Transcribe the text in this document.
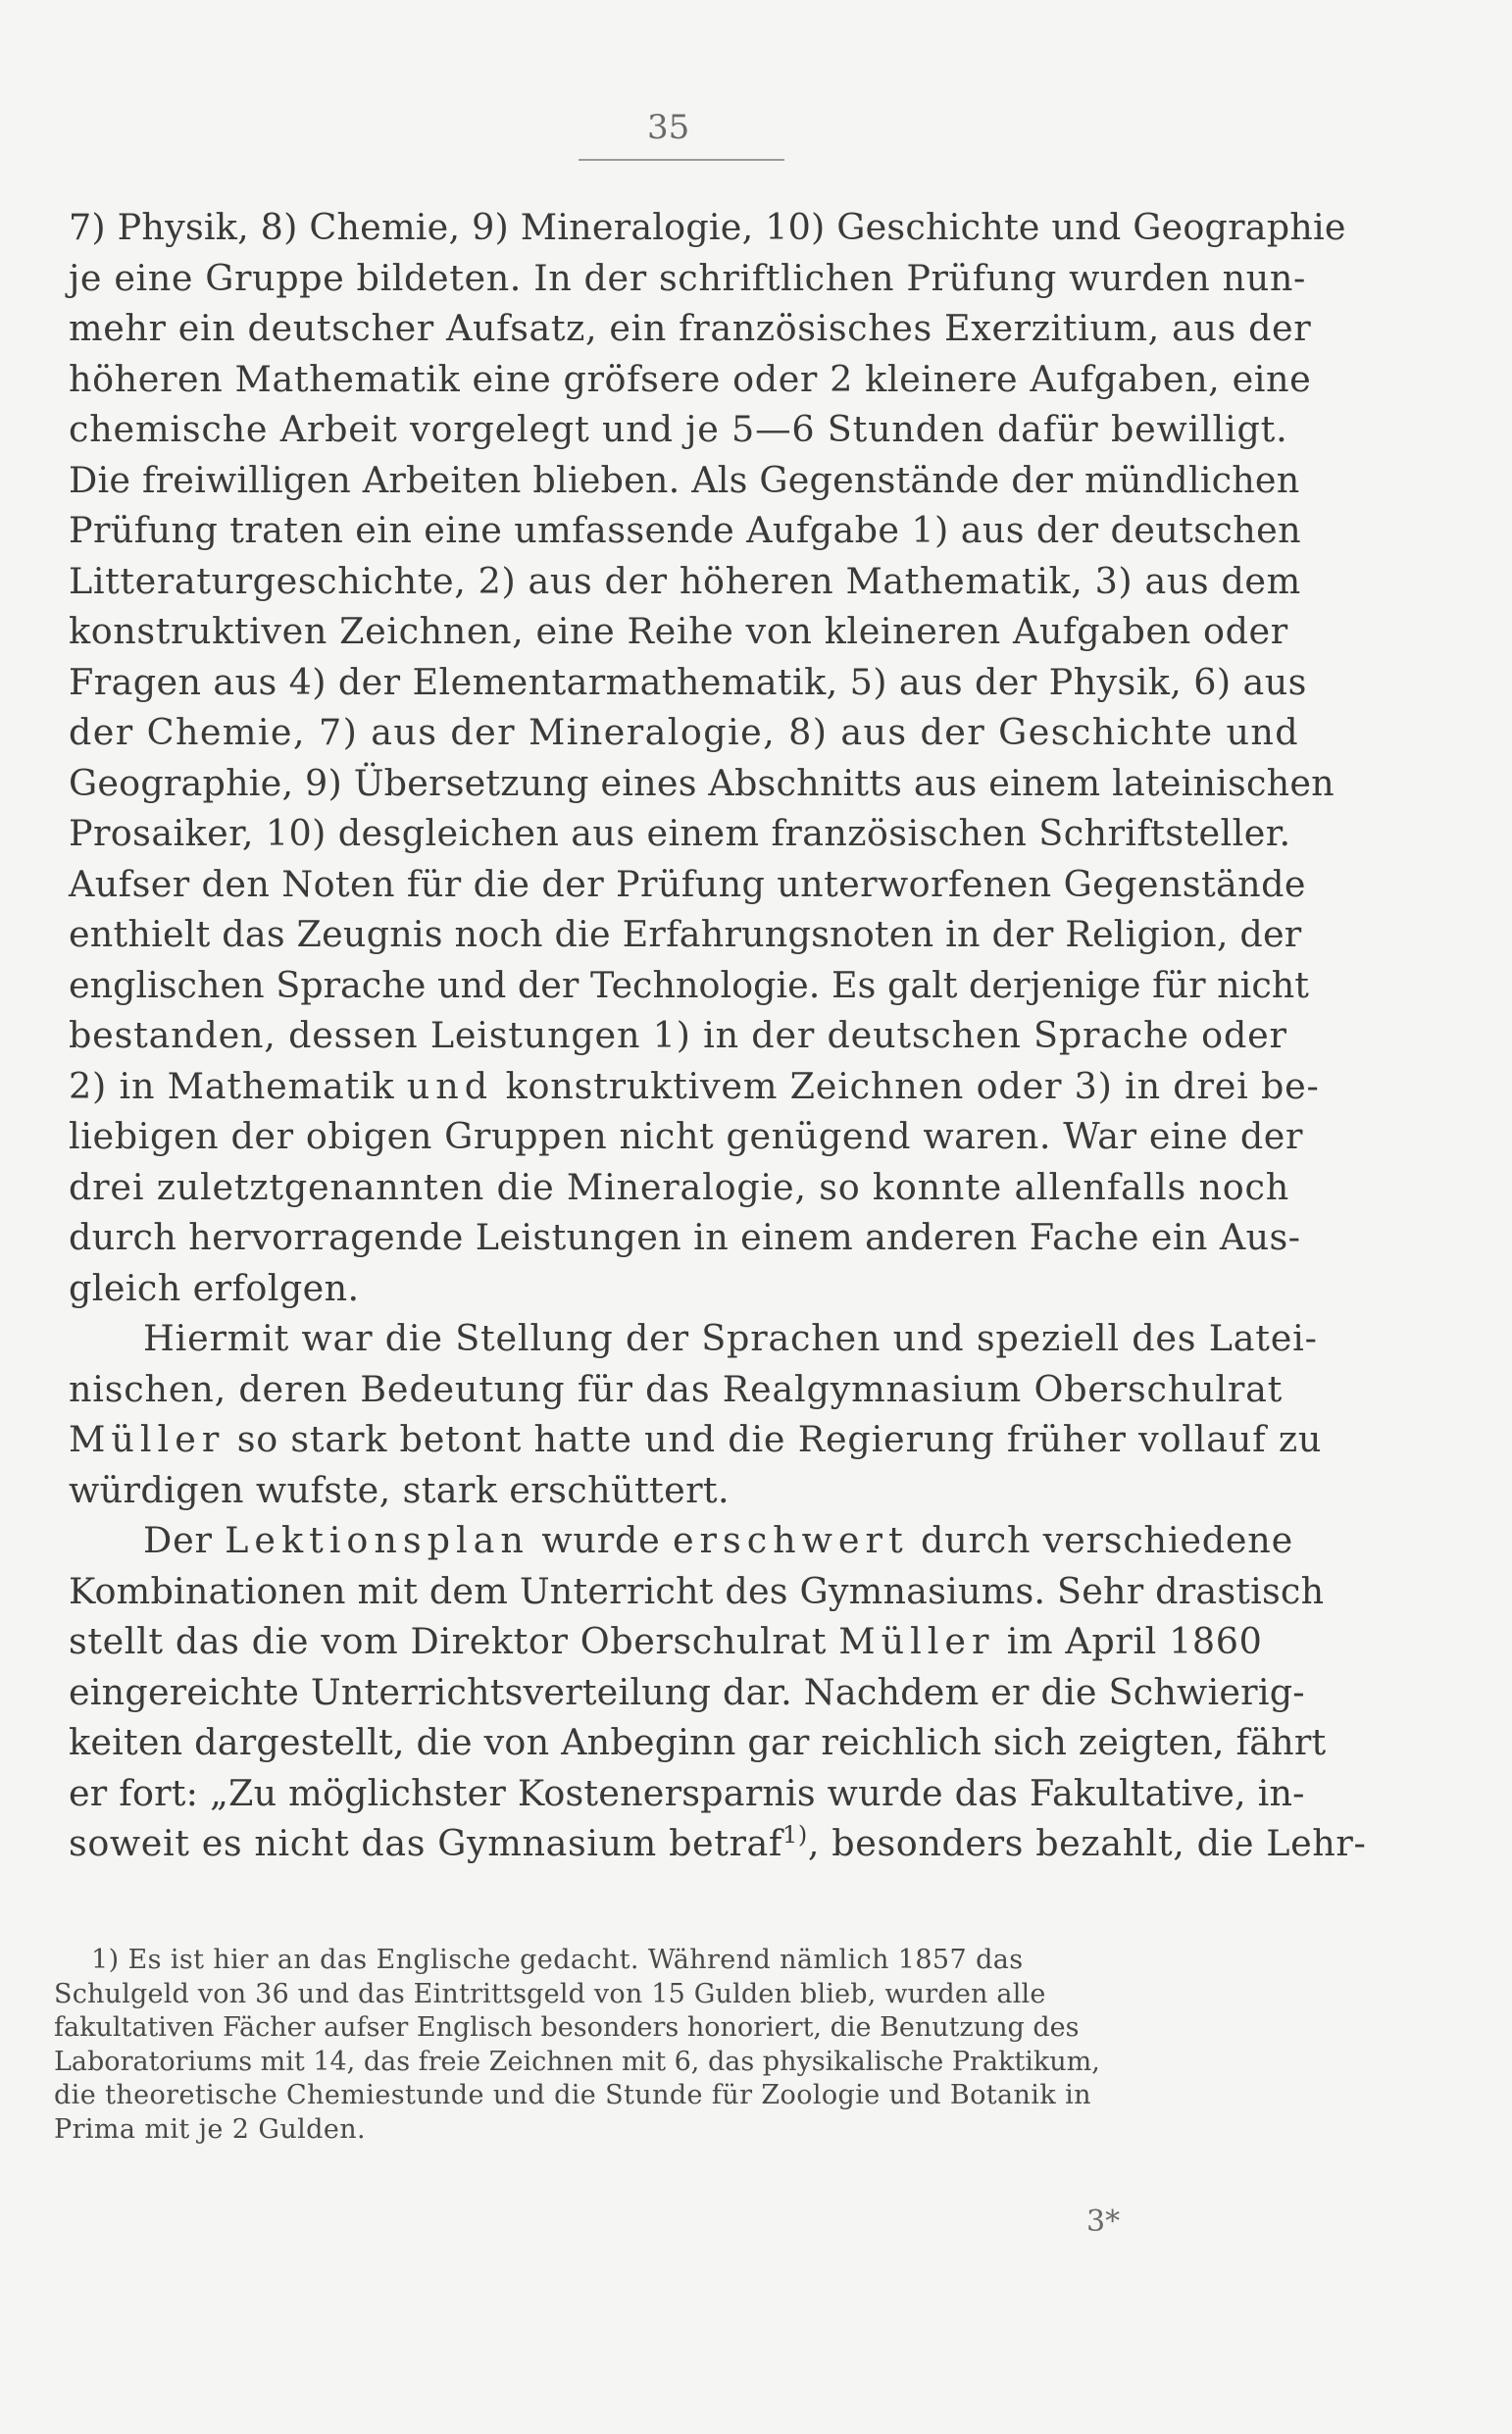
35
7) Physik, 8) Chemie, 9) Mineralogie, 10) Geschichte und Geographie
je eine Gruppe bildeten. In der schriftlichen Prüfung wurden nun-
mehr ein deutscher Aufsatz, ein französisches Exerzitium, aus der
höheren Mathematik eine gröfsere oder 2 kleinere Aufgaben, eine
chemische Arbeit vorgelegt und je 5—6 Stunden dafür bewilligt.
Die freiwilligen Arbeiten blieben. Als Gegenstände der mündlichen
Prüfung traten ein eine umfassende Aufgabe 1) aus der deutschen
Litteraturgeschichte, 2) aus der höheren Mathematik, 3) aus dem
konstruktiven Zeichnen, eine Reihe von kleineren Aufgaben oder
Fragen aus 4) der Elementarmathematik, 5) aus der Physik, 6) aus
der Chemie, 7) aus der Mineralogie, 8) aus der Geschichte und
Geographie, 9) Übersetzung eines Abschnitts aus einem lateinischen
Prosaiker, 10) desgleichen aus einem französischen Schriftsteller.
Aufser den Noten für die der Prüfung unterworfenen Gegenstände
enthielt das Zeugnis noch die Erfahrungsnoten in der Religion, der
englischen Sprache und der Technologie. Es galt derjenige für nicht
bestanden, dessen Leistungen 1) in der deutschen Sprache oder
2) in Mathematik und konstruktivem Zeichnen oder 3) in drei be-
liebigen der obigen Gruppen nicht genügend waren. War eine der
drei zuletztgenannten die Mineralogie, so konnte allenfalls noch
durch hervorragende Leistungen in einem anderen Fache ein Aus-
gleich erfolgen.
Hiermit war die Stellung der Sprachen und speziell des Latei-
nischen, deren Bedeutung für das Realgymnasium Oberschulrat
Müller so stark betont hatte und die Regierung früher vollauf zu
würdigen wufste, stark erschüttert.
Der Lektionsplan wurde erschwert durch verschiedene
Kombinationen mit dem Unterricht des Gymnasiums. Sehr drastisch
stellt das die vom Direktor Oberschulrat Müller im April 1860
eingereichte Unterrichtsverteilung dar. Nachdem er die Schwierig-
keiten dargestellt, die von Anbeginn gar reichlich sich zeigten, fährt
er fort: „Zu möglichster Kostenersparnis wurde das Fakultative, in-
soweit es nicht das Gymnasium betraf$^{1)}$, besonders bezahlt, die Lehr-
1) Es ist hier an das Englische gedacht. Während nämlich 1857 das
Schulgeld von 36 und das Eintrittsgeld von 15 Gulden blieb, wurden alle
fakultativen Fächer aufser Englisch besonders honoriert, die Benutzung des
Laboratoriums mit 14, das freie Zeichnen mit 6, das physikalische Praktikum,
die theoretische Chemiestunde und die Stunde für Zoologie und Botanik in
Prima mit je 2 Gulden.
3*
